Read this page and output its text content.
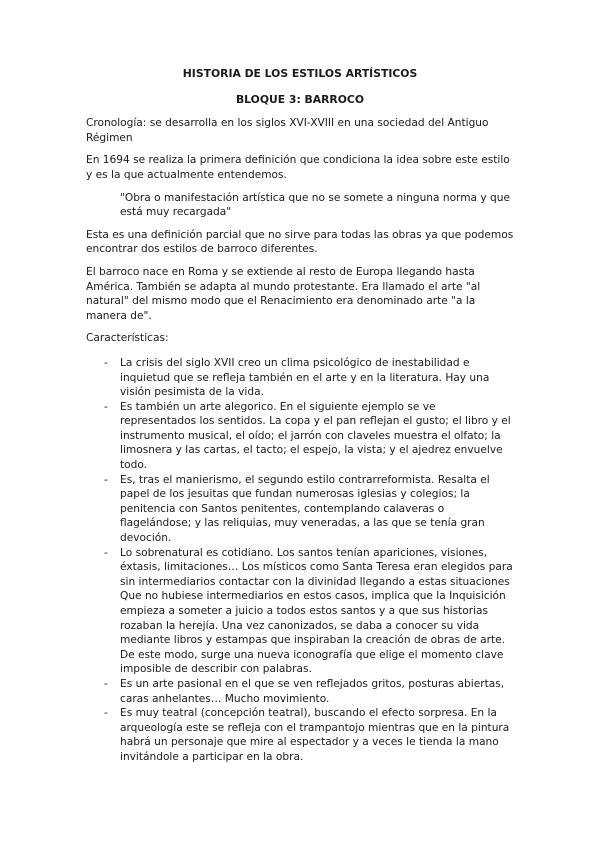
HISTORIA DE LOS ESTILOS ARTÍSTICOS
BLOQUE 3: BARROCO

Cronología: se desarrolla en los siglos XVI-XVIII en una sociedad del Antiguo Régimen

En 1694 se realiza la primera definición que condiciona la idea sobre este estilo y es la que actualmente entendemos.

"Obra o manifestación artística que no se somete a ninguna norma y que está muy recargada"

Esta es una definición parcial que no sirve para todas las obras ya que podemos encontrar dos estilos de barroco diferentes.

El barroco nace en Roma y se extiende al resto de Europa llegando hasta América. También se adapta al mundo protestante. Era llamado el arte "al natural" del mismo modo que el Renacimiento era denominado arte "a la manera de".

Características:

- La crisis del siglo XVII creo un clima psicológico de inestabilidad e inquietud que se refleja también en el arte y en la literatura. Hay una visión pesimista de la vida.
- Es también un arte alegorico. En el siguiente ejemplo se ve representados los sentidos. La copa y el pan reflejan el gusto; el libro y el instrumento musical, el oído; el jarrón con claveles muestra el olfato; la limosnera y las cartas, el tacto; el espejo, la vista; y el ajedrez envuelve todo.
- Es, tras el manierismo, el segundo estilo contrarreformista. Resalta el papel de los jesuitas que fundan numerosas iglesias y colegios; la penitencia con Santos penitentes, contemplando calaveras o flagelándose; y las reliquias, muy veneradas, a las que se tenía gran devoción.
- Lo sobrenatural es cotidiano. Los santos tenían apariciones, visiones, éxtasis, limitaciones… Los místicos como Santa Teresa eran elegidos para sin intermediarios contactar con la divinidad llegando a estas situaciones Que no hubiese intermediarios en estos casos, implica que la Inquisición empieza a someter a juicio a todos estos santos y a que sus historias rozaban la herejía. Una vez canonizados, se daba a conocer su vida mediante libros y estampas que inspiraban la creación de obras de arte. De este modo, surge una nueva iconografía que elige el momento clave imposible de describir con palabras.
- Es un arte pasional en el que se ven reflejados gritos, posturas abiertas, caras anhelantes… Mucho movimiento.
- Es muy teatral (concepción teatral), buscando el efecto sorpresa. En la arqueología este se refleja con el trampantojo mientras que en la pintura habrá un personaje que mire al espectador y a veces le tienda la mano invitándole a participar en la obra.
